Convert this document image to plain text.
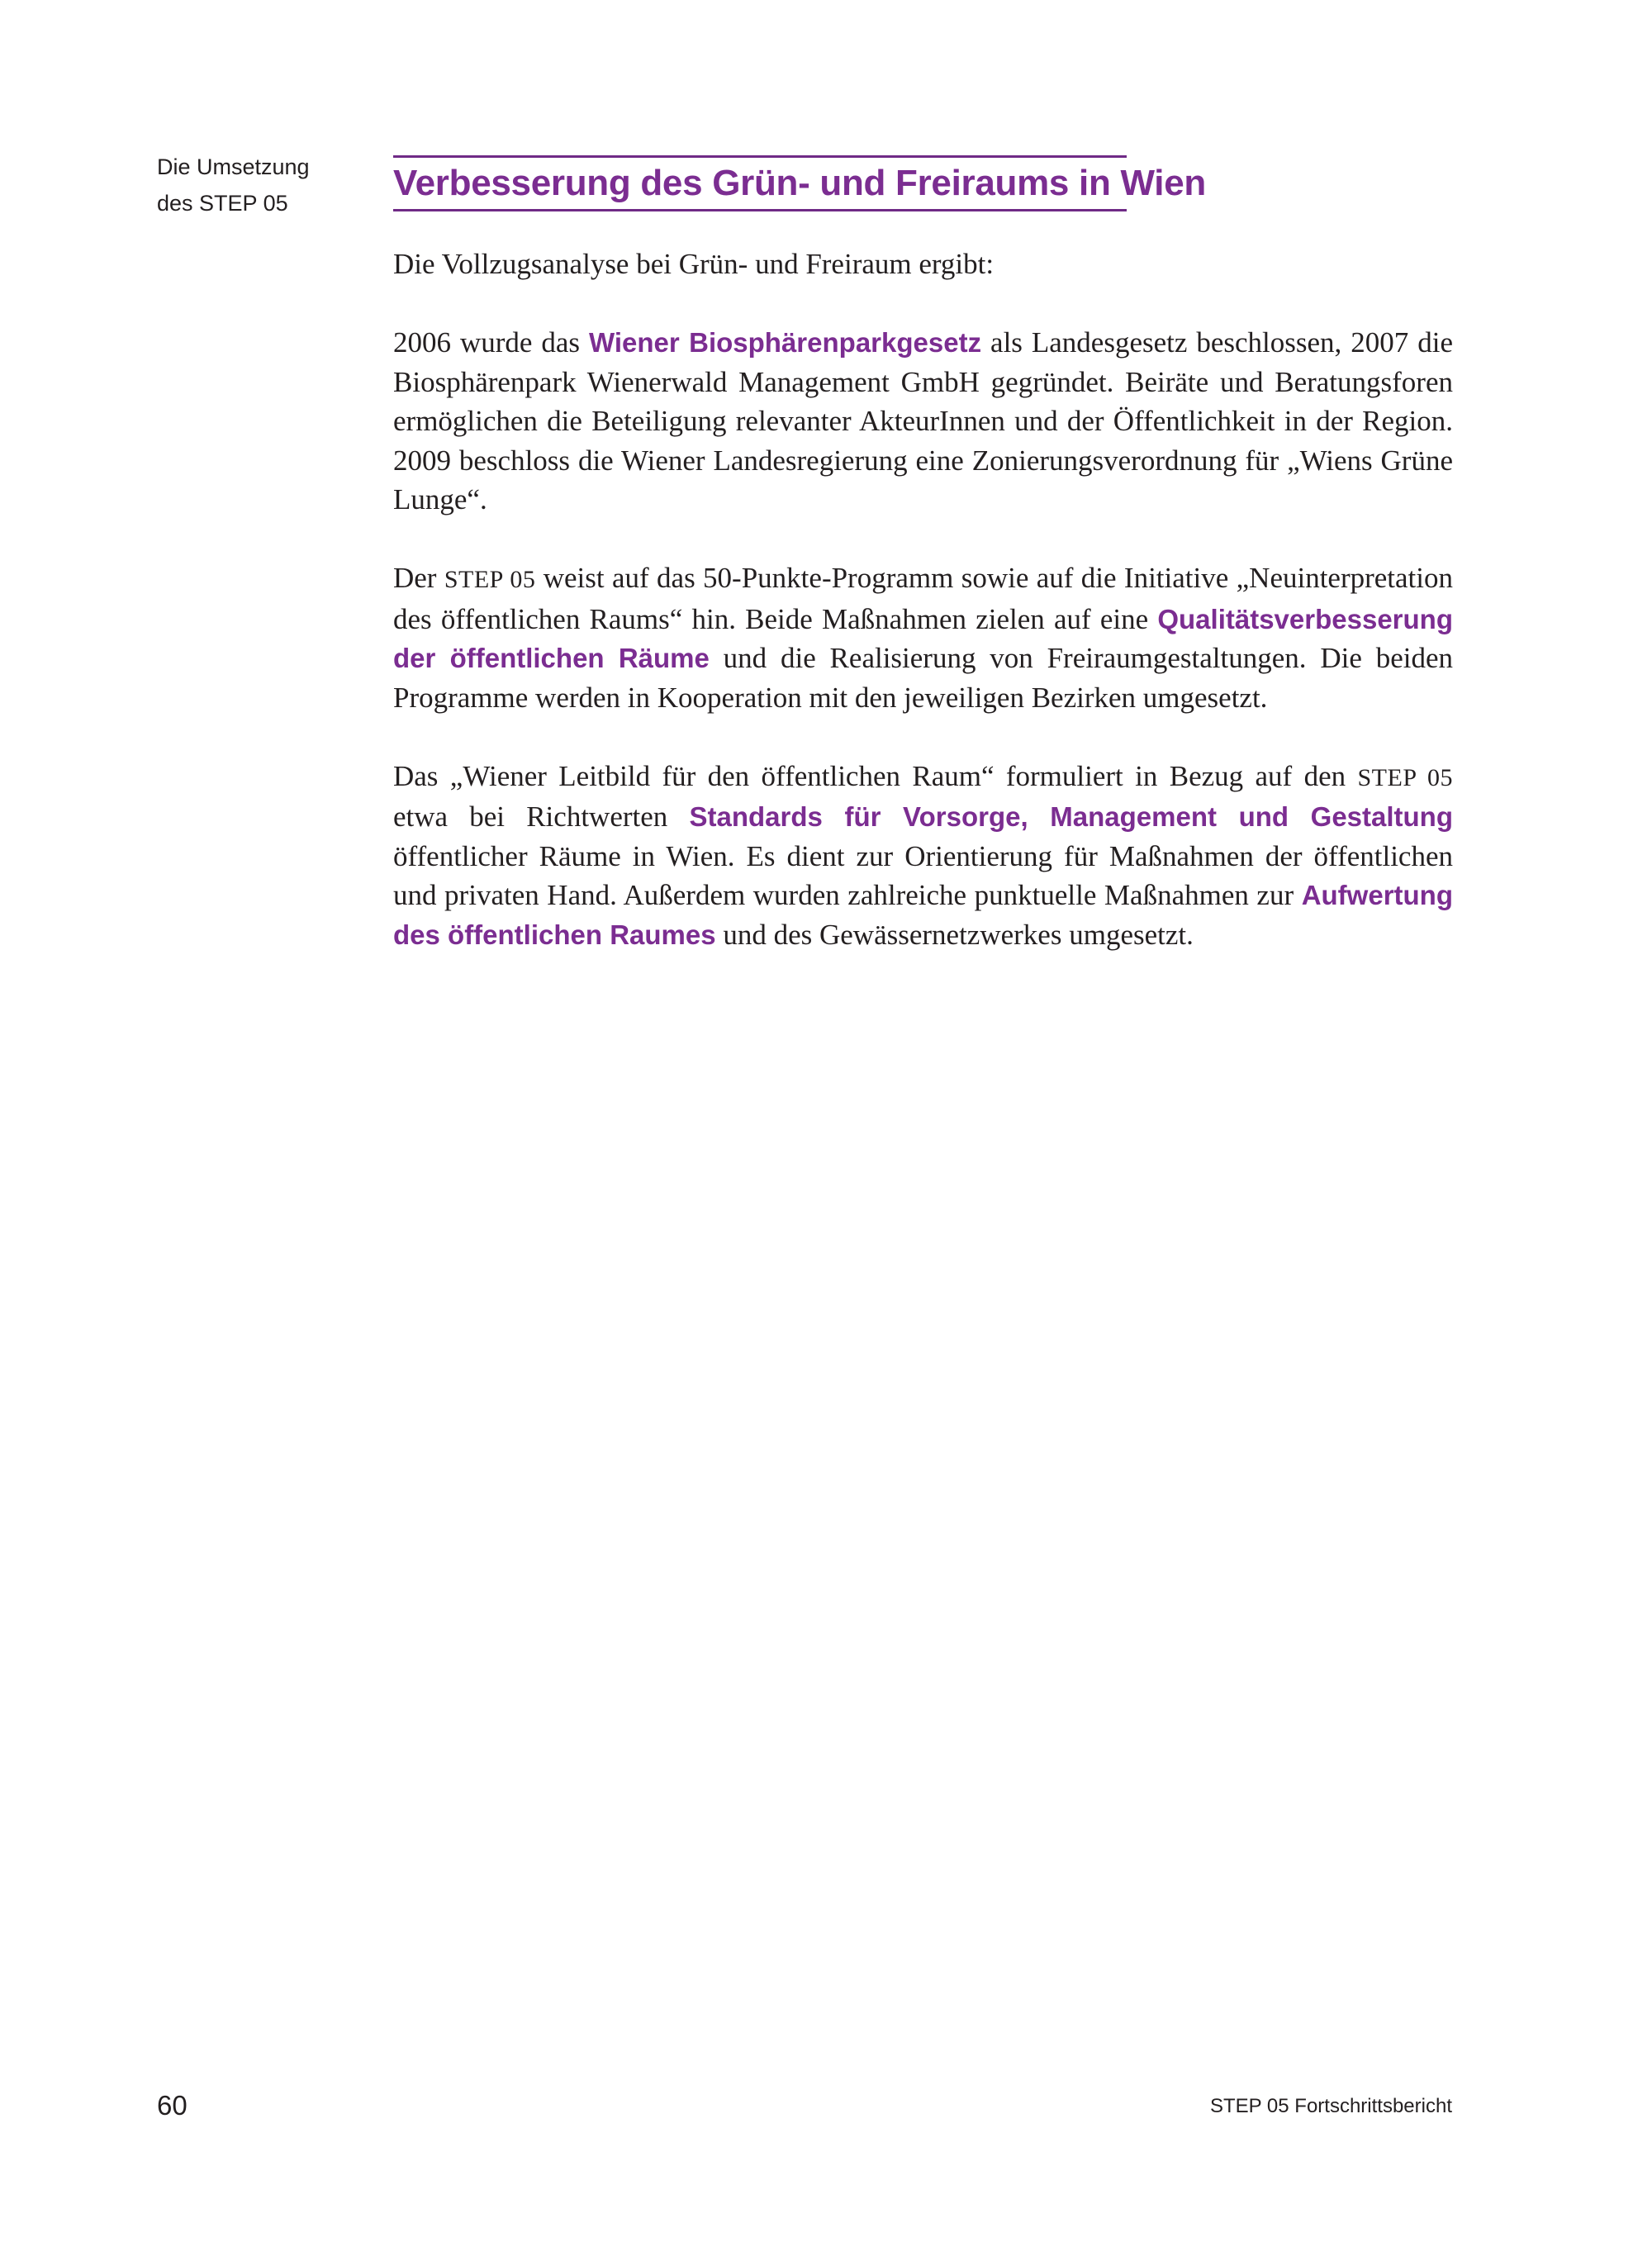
Die Umsetzung
des STEP 05	Verbesserung des Grün- und Freiraums in Wien

Die Vollzugsanalyse bei Grün- und Freiraum ergibt:

2006 wurde das Wiener Biosphärenparkgesetz als Landesgesetz beschlossen, 2007 die Biosphärenpark Wienerwald Management GmbH gegründet. Beiräte und Beratungsforen ermöglichen die Beteiligung relevanter AkteurInnen und der Öffentlichkeit in der Region. 2009 beschloss die Wiener Landesregierung eine Zonierungsverordnung für „Wiens Grüne Lunge“.

Der STEP 05 weist auf das 50-Punkte-Programm sowie auf die Initiative „Neuinterpretation des öffentlichen Raums“ hin. Beide Maßnahmen zielen auf eine Qualitätsverbesserung der öffentlichen Räume und die Realisierung von Freiraumgestaltungen. Die beiden Programme werden in Kooperation mit den jeweiligen Bezirken umgesetzt.

Das „Wiener Leitbild für den öffentlichen Raum“ formuliert in Bezug auf den STEP 05 etwa bei Richtwerten Standards für Vorsorge, Management und Gestaltung öffentlicher Räume in Wien. Es dient zur Orientierung für Maßnahmen der öffentlichen und privaten Hand. Außerdem wurden zahlreiche punktuelle Maßnahmen zur Aufwertung des öffentlichen Raumes und des Gewässernetzwerkes umgesetzt.

60	STEP 05 Fortschrittsbericht
